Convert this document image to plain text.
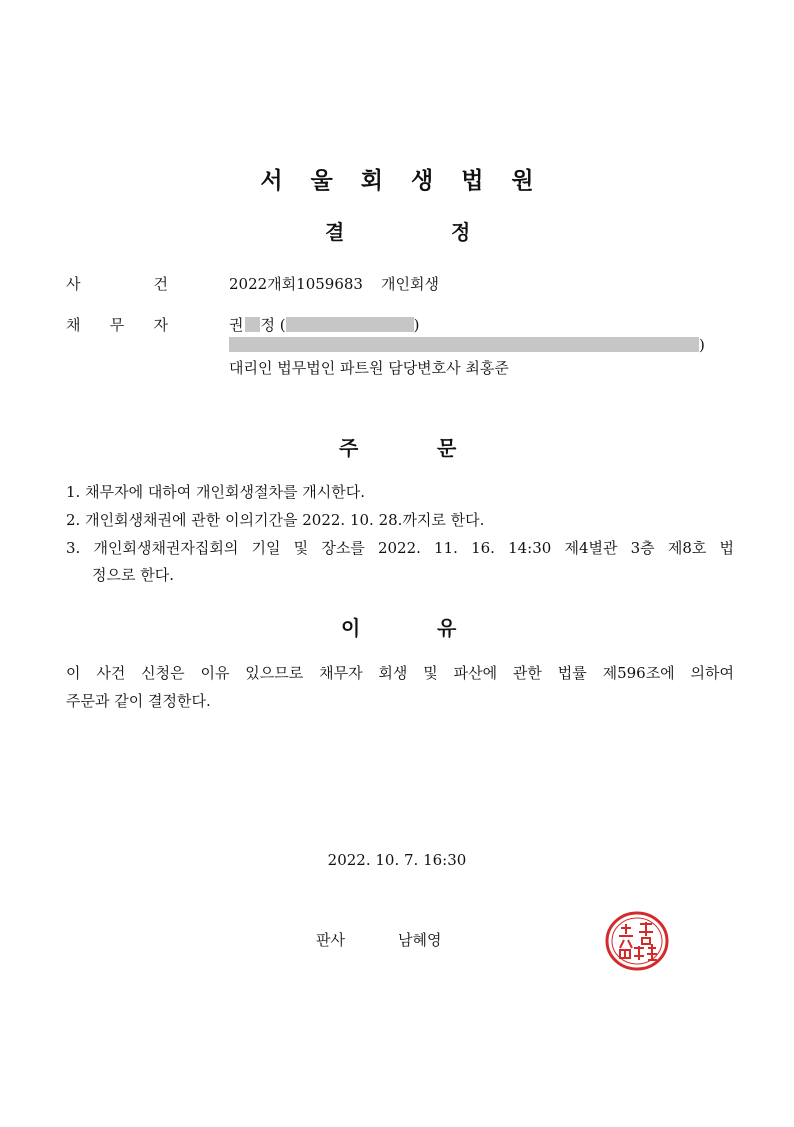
서울회생법원
결	정
사	건	2022개회1059683 개인회생
채 무 자	권 정 (	)
)
대리인 법무법인 파트원 담당변호사 최홍준
주	문
1. 채무자에 대하여 개인회생절차를 개시한다.
2. 개인회생채권에 관한 이의기간을 2022. 10. 28.까지로 한다.
3. 개인회생채권자집회의 기일 및 장소를 2022. 11. 16. 14:30 제4별관 3층 제8호 법
정으로 한다.
이	유
이 사건 신청은 이유 있으므로 채무자 회생 및 파산에 관한 법률 제596조에 의하여
주문과 같이 결정한다.
2022. 10. 7. 16:30
판사	남혜영
